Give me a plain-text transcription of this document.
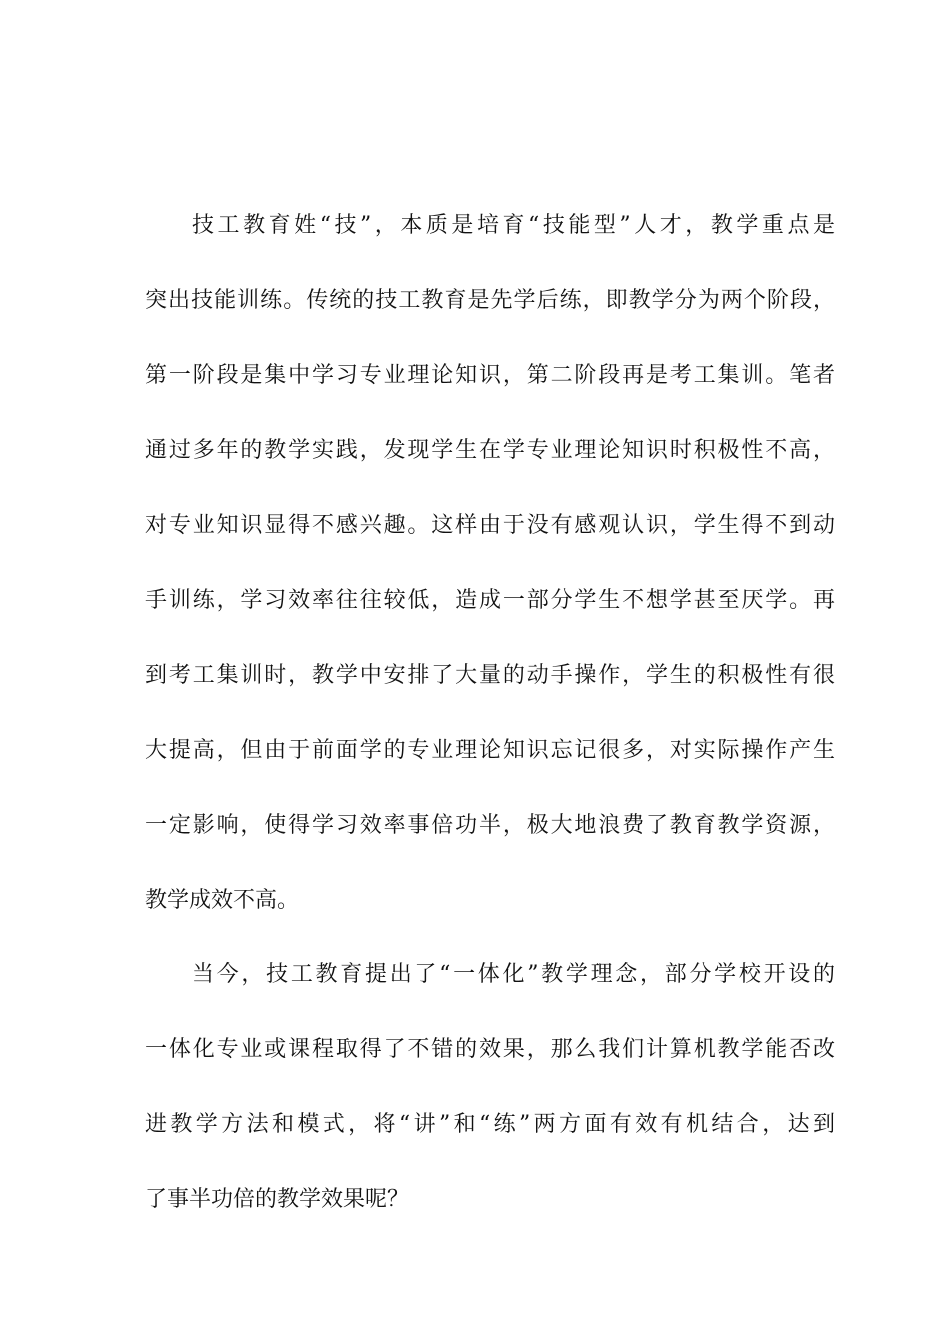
技工教育姓“技”，本质是培育“技能型”人才，教学重点是
突出技能训练。传统的技工教育是先学后练，即教学分为两个阶段，
第一阶段是集中学习专业理论知识，第二阶段再是考工集训。笔者
通过多年的教学实践，发现学生在学专业理论知识时积极性不高，
对专业知识显得不感兴趣。这样由于没有感观认识，学生得不到动
手训练，学习效率往往较低，造成一部分学生不想学甚至厌学。再
到考工集训时，教学中安排了大量的动手操作，学生的积极性有很
大提高，但由于前面学的专业理论知识忘记很多，对实际操作产生
一定影响，使得学习效率事倍功半，极大地浪费了教育教学资源，
教学成效不高。
当今，技工教育提出了“一体化”教学理念，部分学校开设的
一体化专业或课程取得了不错的效果，那么我们计算机教学能否改
进教学方法和模式，将“讲”和“练”两方面有效有机结合，达到
了事半功倍的教学效果呢？
